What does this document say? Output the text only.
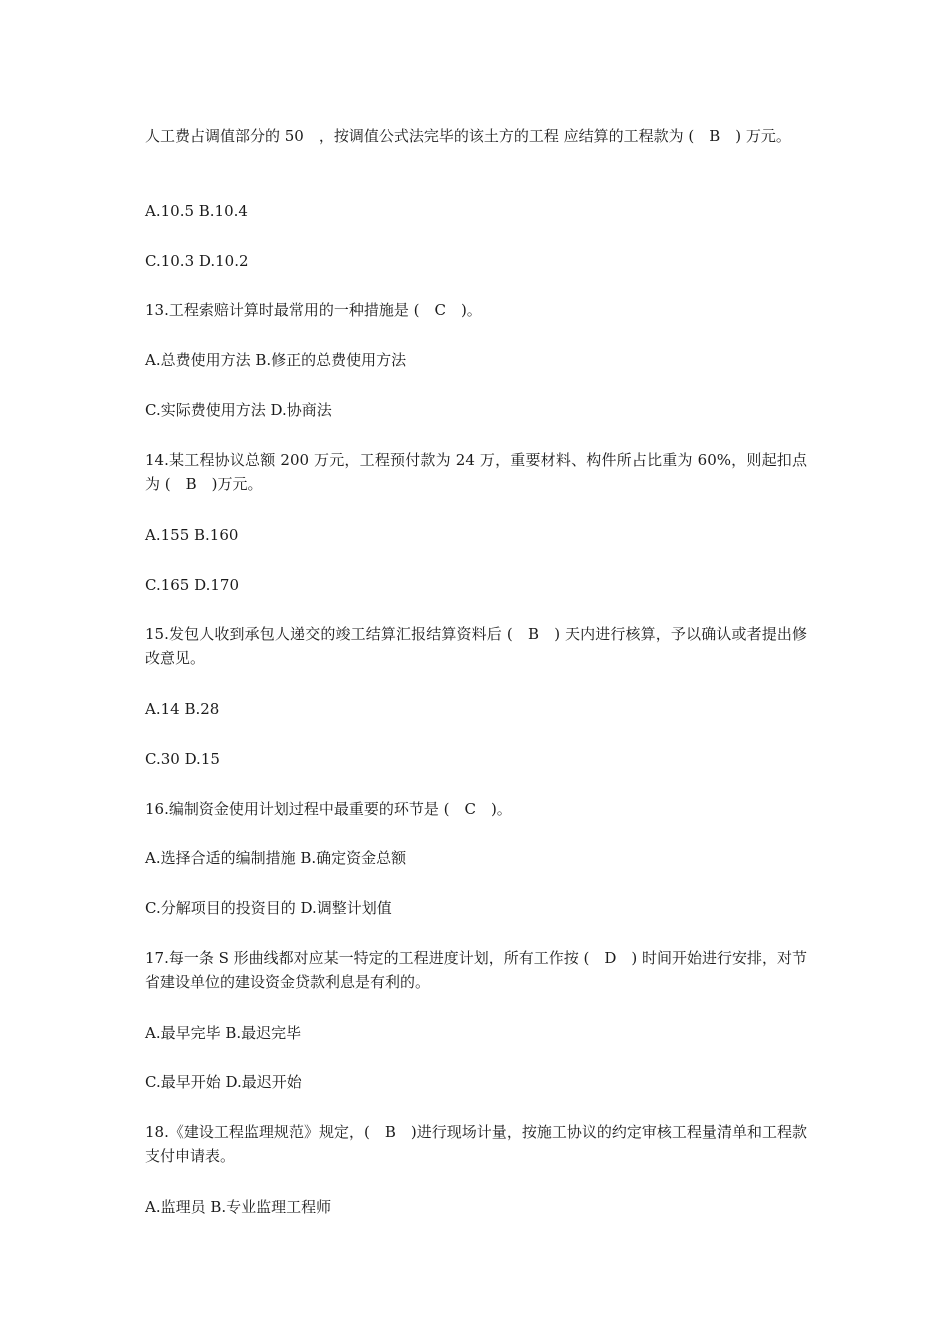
人工费占调值部分的 50　，按调值公式法完毕的该土方的工程 应结算的工程款为 (　B　) 万元。

A.10.5 B.10.4

C.10.3 D.10.2

13.工程索赔计算时最常用的一种措施是 (　C　)。

A.总费使用方法 B.修正的总费使用方法

C.实际费使用方法 D.协商法

14.某工程协议总额 200 万元，工程预付款为 24 万，重要材料、构件所占比重为 60%，则起扣点为 (　B　)万元。

A.155 B.160

C.165 D.170

15.发包人收到承包人递交的竣工结算汇报结算资料后 (　B　) 天内进行核算，予以确认或者提出修改意见。

A.14 B.28

C.30 D.15

16.编制资金使用计划过程中最重要的环节是 (　C　)。

A.选择合适的编制措施 B.确定资金总额

C.分解项目的投资目的 D.调整计划值

17.每一条 S 形曲线都对应某一特定的工程进度计划，所有工作按 (　D　) 时间开始进行安排，对节省建设单位的建设资金贷款利息是有利的。

A.最早完毕 B.最迟完毕

C.最早开始 D.最迟开始

18.《建设工程监理规范》规定，(　B　)进行现场计量，按施工协议的约定审核工程量清单和工程款支付申请表。

A.监理员 B.专业监理工程师
